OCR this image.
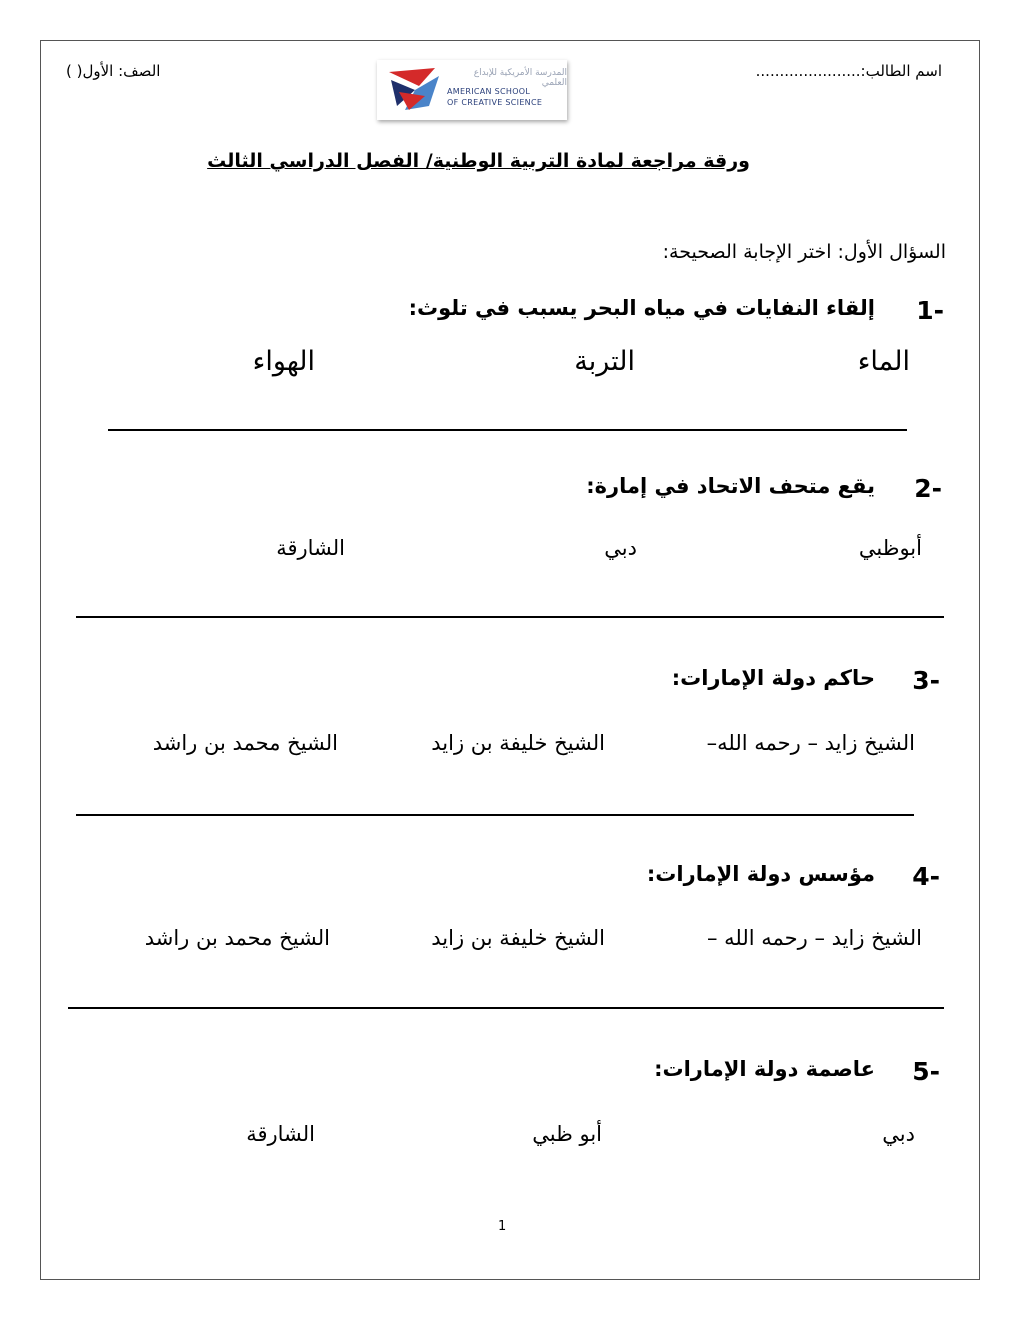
اسم الطالب:......................
الصف: الأول( )	المدرسة الأمريكية للإبداع العلمي
AMERICAN SCHOOL
OF CREATIVE SCIENCE
ورقة مراجعة لمادة التربية الوطنية/ الفصل الدراسي الثالث
السؤال الأول: اختر الإجابة الصحيحة:
1-
إلقاء النفايات في مياه البحر يسبب في تلوث:
الماء
التربة
الهواء
2-
يقع متحف الاتحاد في إمارة:
أبوظبي
دبي
الشارقة
3-
حاكم دولة الإمارات:
الشيخ زايد – رحمه الله–
الشيخ خليفة بن زايد
الشيخ محمد بن راشد
4-
مؤسس دولة الإمارات:
الشيخ زايد – رحمه الله –
الشيخ خليفة بن زايد
الشيخ محمد بن راشد
5-
عاصمة دولة الإمارات:
دبي
أبو ظبي
الشارقة
1
